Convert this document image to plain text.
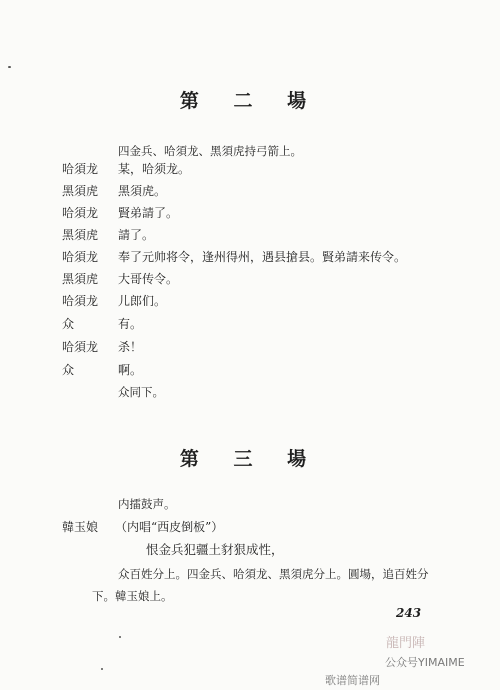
第 二 場
四金兵、哈須龙、黑須虎持弓箭上。
哈須龙 某，哈须龙。
黑須虎 黑須虎。
哈須龙 賢弟請了。
黑須虎 請了。
哈須龙 奉了元帅将令，逢州得州，遇县搶县。賢弟請来传令。
黑須虎 大哥传令。
哈須龙 儿郎们。
众	有。
哈須龙 杀！
众	啊。
众同下。
第 三 場
内擂鼓声。
韓玉娘 （内唱“西皮倒板”）
恨金兵犯疆土豺狠成性，
众百姓分上。四金兵、哈須龙、黑須虎分上。圓場，追百姓分
下。韓玉娘上。
243
龍門陣
公众号YIMAIME
歌谱简谱网
